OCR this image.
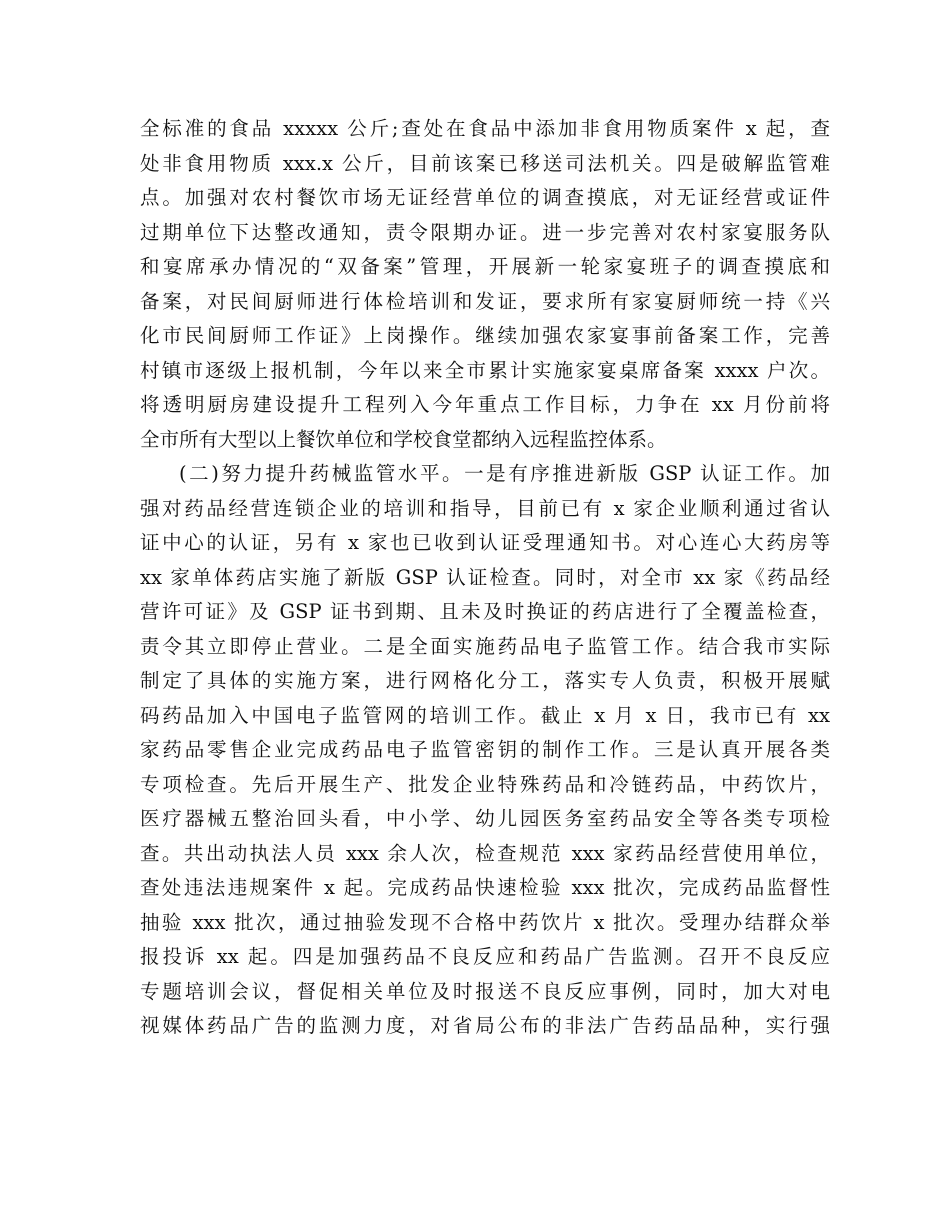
全标准的食品 xxxxx 公斤;查处在食品中添加非食用物质案件 x 起，查
处非食用物质 xxx.x 公斤，目前该案已移送司法机关。四是破解监管难
点。加强对农村餐饮市场无证经营单位的调查摸底，对无证经营或证件
过期单位下达整改通知，责令限期办证。进一步完善对农村家宴服务队
和宴席承办情况的“双备案”管理，开展新一轮家宴班子的调查摸底和
备案，对民间厨师进行体检培训和发证，要求所有家宴厨师统一持《兴
化市民间厨师工作证》上岗操作。继续加强农家宴事前备案工作，完善
村镇市逐级上报机制，今年以来全市累计实施家宴桌席备案 xxxx 户次。
将透明厨房建设提升工程列入今年重点工作目标，力争在 xx 月份前将
全市所有大型以上餐饮单位和学校食堂都纳入远程监控体系。
(二)努力提升药械监管水平。一是有序推进新版 GSP 认证工作。加
强对药品经营连锁企业的培训和指导，目前已有 x 家企业顺利通过省认
证中心的认证，另有 x 家也已收到认证受理通知书。对心连心大药房等
xx 家单体药店实施了新版 GSP 认证检查。同时，对全市 xx 家《药品经
营许可证》及 GSP 证书到期、且未及时换证的药店进行了全覆盖检查，
责令其立即停止营业。二是全面实施药品电子监管工作。结合我市实际
制定了具体的实施方案，进行网格化分工，落实专人负责，积极开展赋
码药品加入中国电子监管网的培训工作。截止 x 月 x 日，我市已有 xx
家药品零售企业完成药品电子监管密钥的制作工作。三是认真开展各类
专项检查。先后开展生产、批发企业特殊药品和冷链药品，中药饮片，
医疗器械五整治回头看，中小学、幼儿园医务室药品安全等各类专项检
查。共出动执法人员 xxx 余人次，检查规范 xxx 家药品经营使用单位，
查处违法违规案件 x 起。完成药品快速检验 xxx 批次，完成药品监督性
抽验 xxx 批次，通过抽验发现不合格中药饮片 x 批次。受理办结群众举
报投诉 xx 起。四是加强药品不良反应和药品广告监测。召开不良反应
专题培训会议，督促相关单位及时报送不良反应事例，同时，加大对电
视媒体药品广告的监测力度，对省局公布的非法广告药品品种，实行强
